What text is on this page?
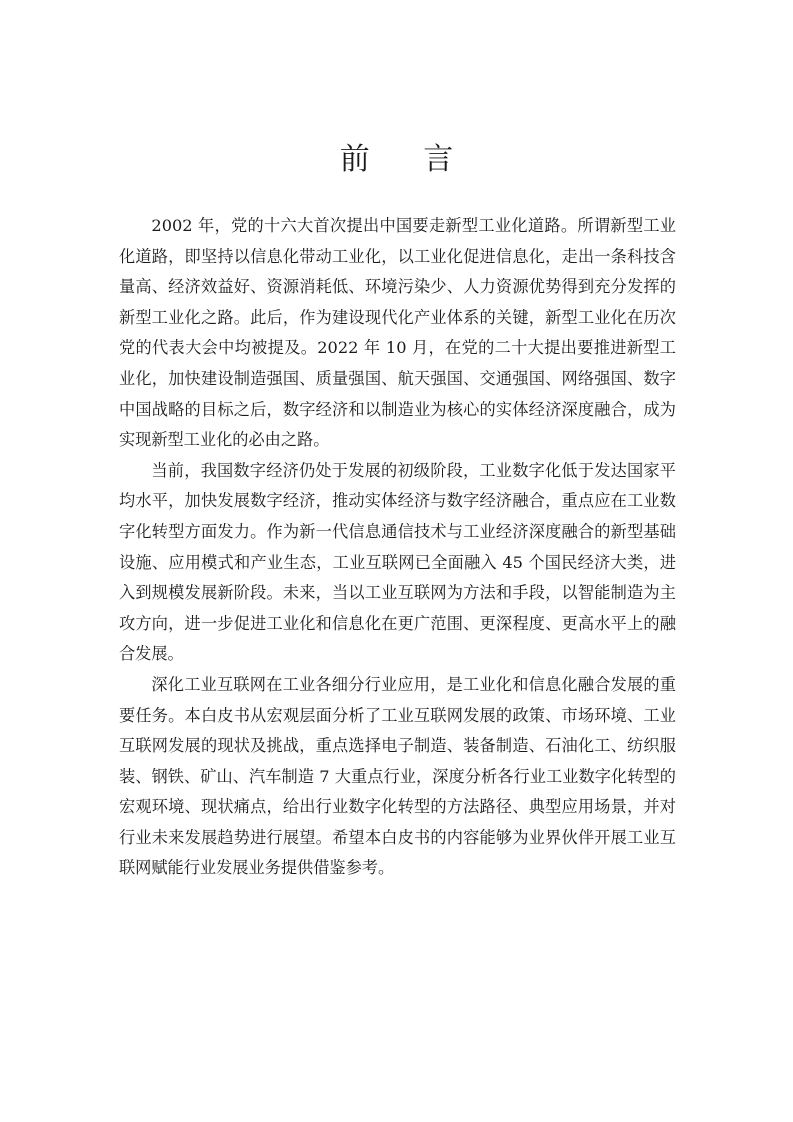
前 言

2002 年，党的十六大首次提出中国要走新型工业化道路。所谓新型工业化道路，即坚持以信息化带动工业化，以工业化促进信息化，走出一条科技含量高、经济效益好、资源消耗低、环境污染少、人力资源优势得到充分发挥的新型工业化之路。此后，作为建设现代化产业体系的关键，新型工业化在历次党的代表大会中均被提及。2022 年 10 月，在党的二十大提出要推进新型工业化，加快建设制造强国、质量强国、航天强国、交通强国、网络强国、数字中国战略的目标之后，数字经济和以制造业为核心的实体经济深度融合，成为实现新型工业化的必由之路。

当前，我国数字经济仍处于发展的初级阶段，工业数字化低于发达国家平均水平，加快发展数字经济，推动实体经济与数字经济融合，重点应在工业数字化转型方面发力。作为新一代信息通信技术与工业经济深度融合的新型基础设施、应用模式和产业生态，工业互联网已全面融入 45 个国民经济大类，进入到规模发展新阶段。未来，当以工业互联网为方法和手段，以智能制造为主攻方向，进一步促进工业化和信息化在更广范围、更深程度、更高水平上的融合发展。

深化工业互联网在工业各细分行业应用，是工业化和信息化融合发展的重要任务。本白皮书从宏观层面分析了工业互联网发展的政策、市场环境、工业互联网发展的现状及挑战，重点选择电子制造、装备制造、石油化工、纺织服装、钢铁、矿山、汽车制造 7 大重点行业，深度分析各行业工业数字化转型的宏观环境、现状痛点，给出行业数字化转型的方法路径、典型应用场景，并对行业未来发展趋势进行展望。希望本白皮书的内容能够为业界伙伴开展工业互联网赋能行业发展业务提供借鉴参考。
